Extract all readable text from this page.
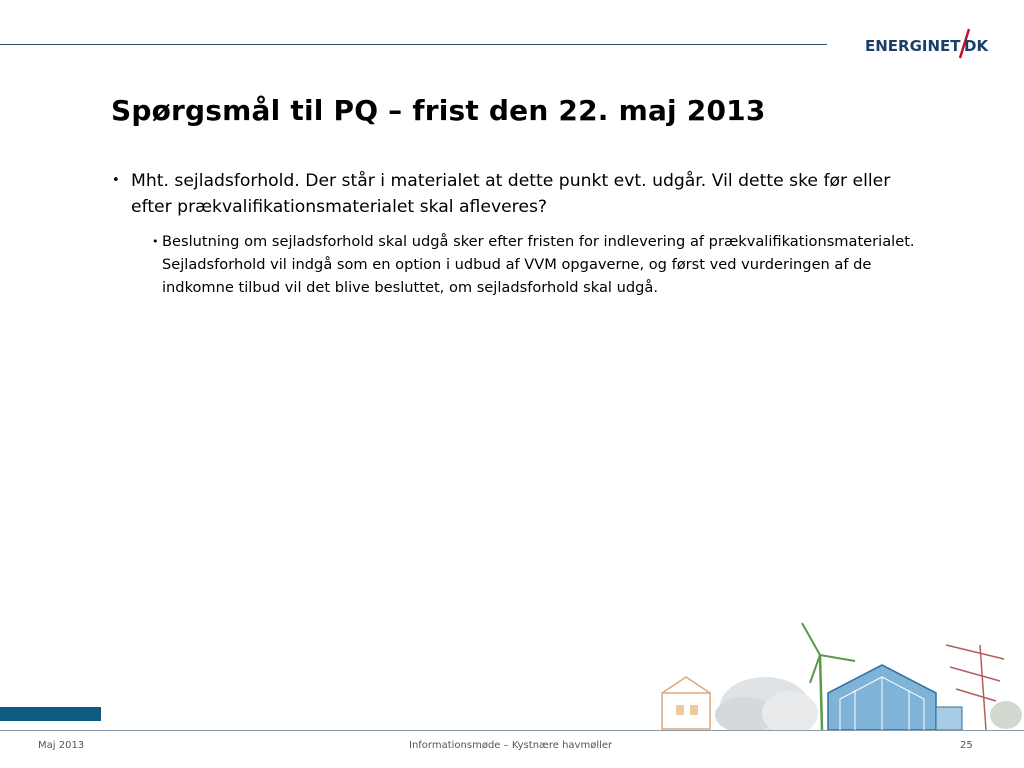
ENERGINET DK
Spørgsmål til PQ – frist den 22. maj 2013
• Mht. sejladsforhold. Der står i materialet at dette punkt evt. udgår. Vil dette ske før eller efter prækvalifikationsmaterialet skal afleveres?
• Beslutning om sejladsforhold skal udgå sker efter fristen for indlevering af prækvalifikationsmaterialet. Sejladsforhold vil indgå som en option i udbud af VVM opgaverne, og først ved vurderingen af de indkomne tilbud vil det blive besluttet, om sejladsforhold skal udgå.
Maj 2013	Informationsmøde – Kystnære havmøller	25
